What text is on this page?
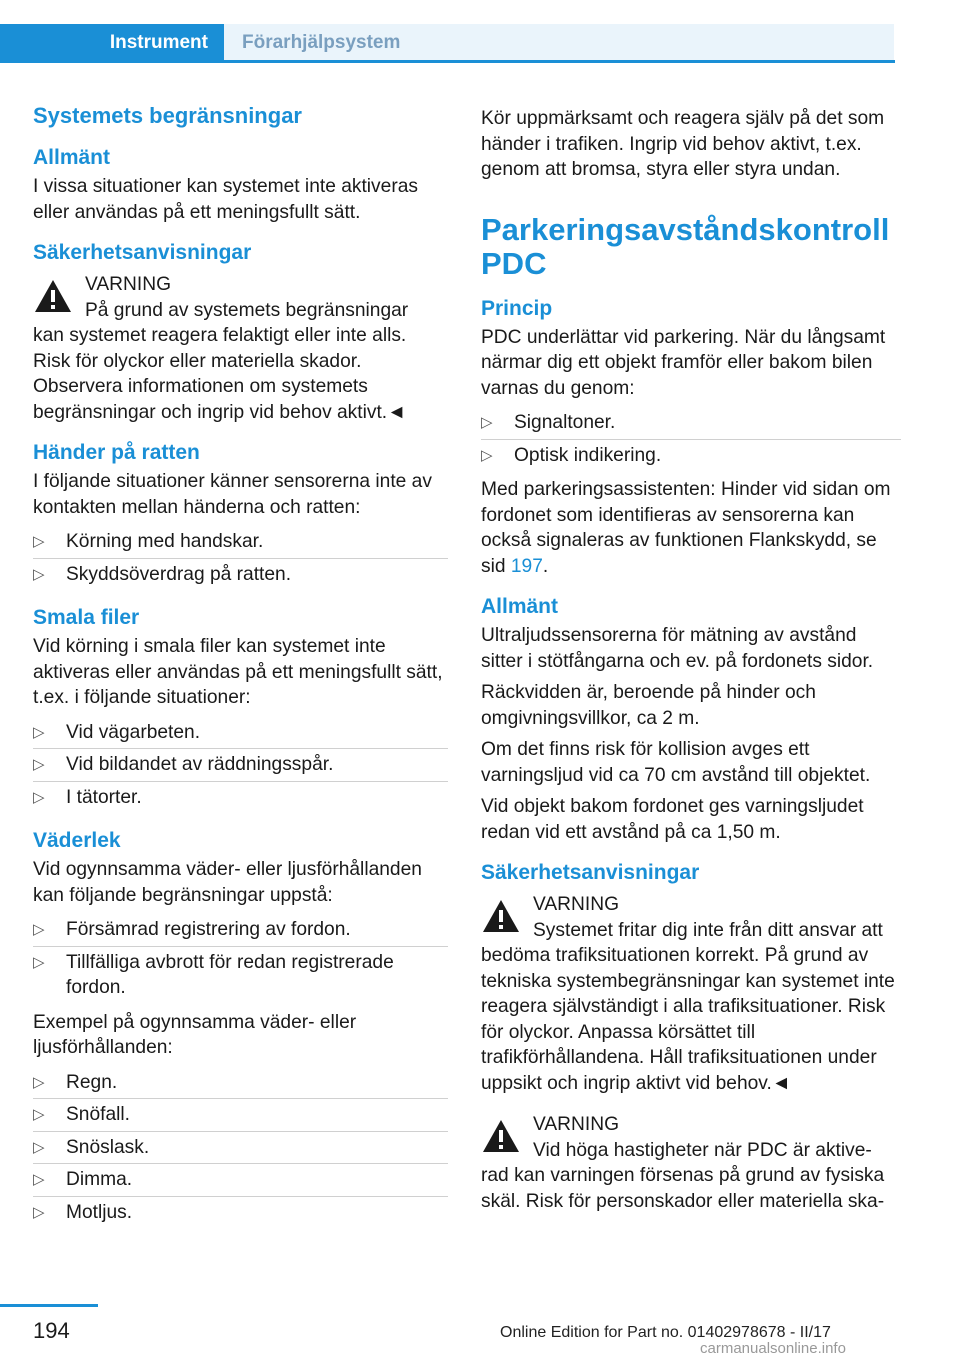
Instrument Förarhjälpsystem
Systemets begränsningar
Allmänt

I vissa situationer kan systemet inte aktiveras eller användas på ett meningsfullt sätt.

Säkerhetsanvisningar

VARNING

På grund av systemets begränsningar

kan systemet reagera felaktigt eller inte alls. Risk för olyckor eller materiella skador. Observera informationen om systemets begränsningar och ingrip vid behov aktivt.◄

Händer på ratten

I följande situationer känner sensorerna inte av kontakten mellan händerna och ratten:

▷	Körning med handskar.
▷	Skyddsöverdrag på ratten.
Smala filer

Vid körning i smala filer kan systemet inte aktiveras eller användas på ett meningsfullt sätt, t.ex. i följande situationer:

▷	Vid vägarbeten.
▷	Vid bildandet av räddningsspår.
▷	I tätorter.
Väderlek

Vid ogynnsamma väder- eller ljusförhållanden kan följande begränsningar uppstå:

▷	Försämrad registrering av fordon.
▷	Tillfälliga avbrott för redan registrerade fordon.

Exempel på ogynnsamma väder- eller ljusförhållanden:

▷	Regn.
▷	Snöfall.
▷	Snöslask.
▷	Dimma.
▷	Motljus.

Kör uppmärksamt och reagera själv på det som händer i trafiken. Ingrip vid behov aktivt, t.ex. genom att bromsa, styra eller styra undan.

Parkeringsavståndskontroll PDC
Princip

PDC underlättar vid parkering. När du långsamt närmar dig ett objekt framför eller bakom bilen varnas du genom:

▷	Signaltoner.
▷	Optisk indikering.

Med parkeringsassistenten: Hinder vid sidan om fordonet som identifieras av sensorerna kan också signaleras av funktionen Flankskydd, se sid 197.

Allmänt

Ultraljudssensorerna för mätning av avstånd sitter i stötfångarna och ev. på fordonets sidor.

Räckvidden är, beroende på hinder och omgivningsvillkor, ca 2 m.

Om det finns risk för kollision avges ett varningsljud vid ca 70 cm avstånd till objektet.

Vid objekt bakom fordonet ges varningsljudet redan vid ett avstånd på ca 1,50 m.

Säkerhetsanvisningar

VARNING

Systemet fritar dig inte från ditt ansvar att

bedöma trafiksituationen korrekt. På grund av tekniska systembegränsningar kan systemet inte reagera självständigt i alla trafiksituationer. Risk för olyckor. Anpassa körsättet till trafikförhållandena. Håll trafiksituationen under uppsikt och ingrip aktivt vid behov.◄

VARNING

Vid höga hastigheter när PDC är aktive-

rad kan varningen försenas på grund av fysiska skäl. Risk för personskador eller materiella ska-

194	Online Edition for Part no. 01402978678 - II/17
carmanualsonline.info
